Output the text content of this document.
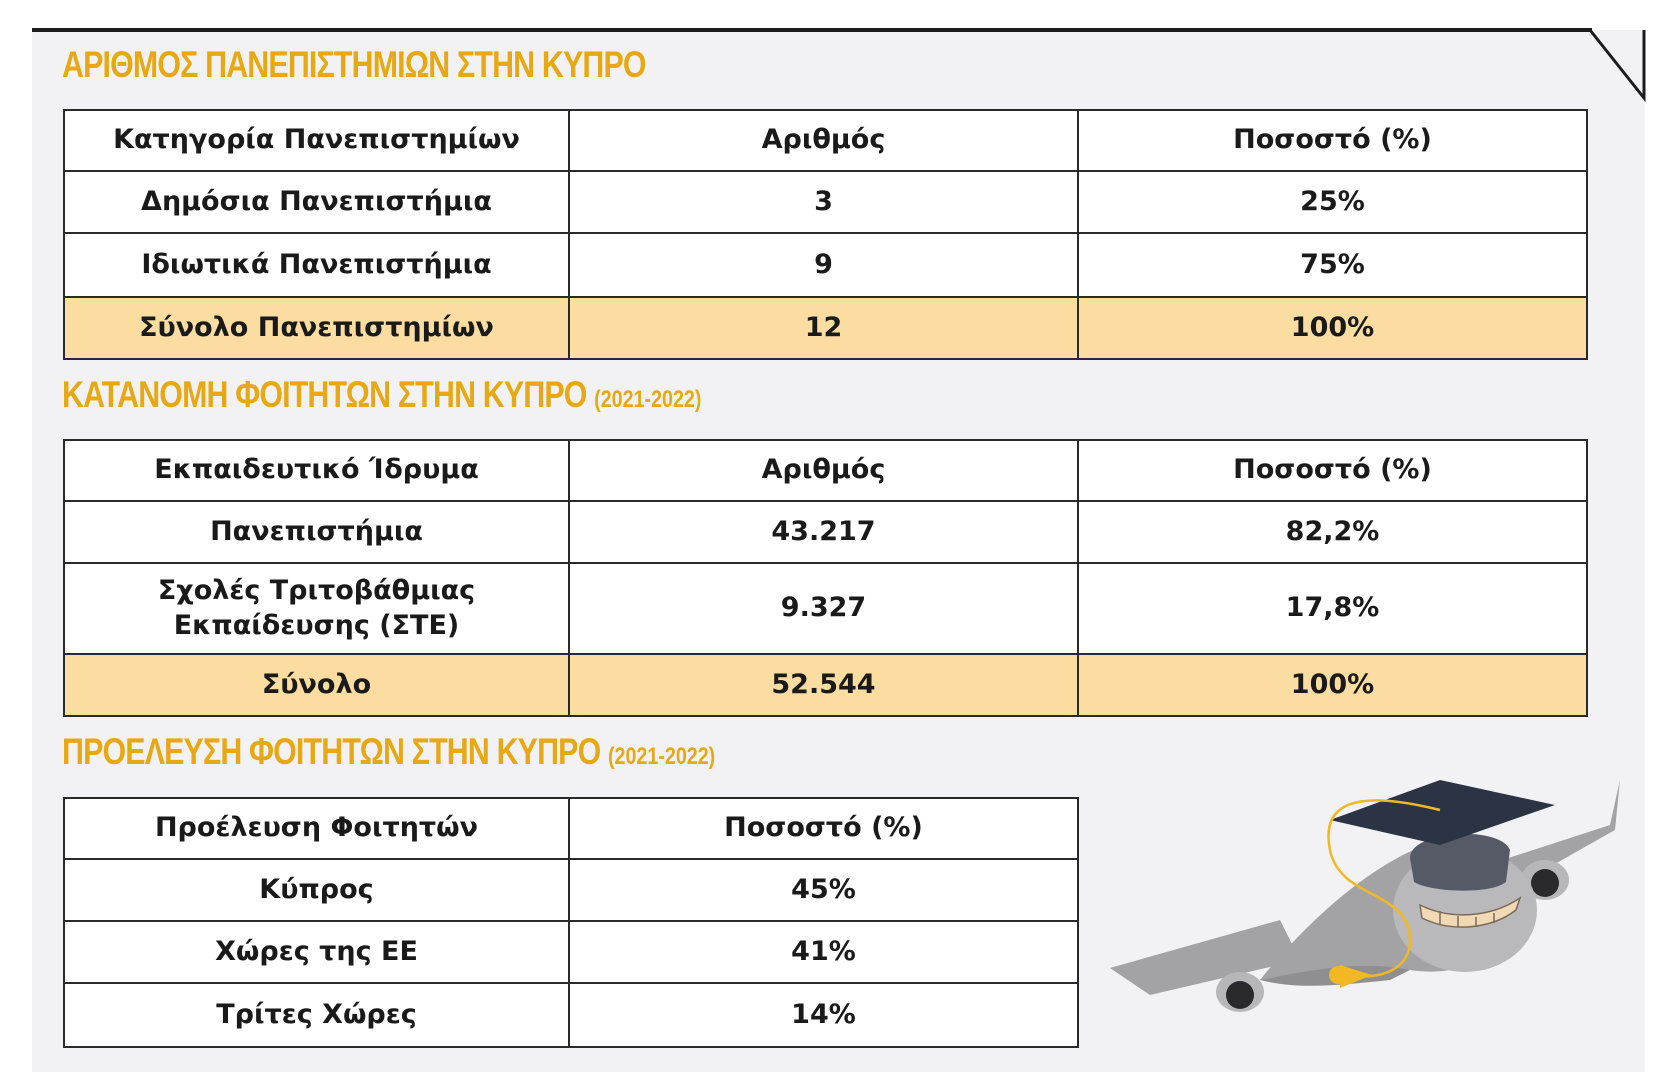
ΑΡΙΘΜΟΣ ΠΑΝΕΠΙΣΤΗΜΙΩΝ ΣΤΗΝ ΚΥΠΡΟ
Κατηγορία Πανεπιστημίων	Αριθμός	Ποσοστό (%)
Δημόσια Πανεπιστήμια	3	25%
Ιδιωτικά Πανεπιστήμια	9	75%
Σύνολο Πανεπιστημίων	12	100%
ΚΑΤΑΝΟΜΗ ΦΟΙΤΗΤΩΝ ΣΤΗΝ ΚΥΠΡΟ (2021-2022)
Εκπαιδευτικό Ίδρυμα	Αριθμός	Ποσοστό (%)
Πανεπιστήμια	43.217	82,2%
Σχολές Τριτοβάθμιας Εκπαίδευσης (ΣΤΕ)	9.327	17,8%
Σύνολο	52.544	100%
ΠΡΟΕΛΕΥΣΗ ΦΟΙΤΗΤΩΝ ΣΤΗΝ ΚΥΠΡΟ (2021-2022)
Προέλευση Φοιτητών	Ποσοστό (%)
Κύπρος	45%
Χώρες της ΕΕ	41%
Τρίτες Χώρες	14%
